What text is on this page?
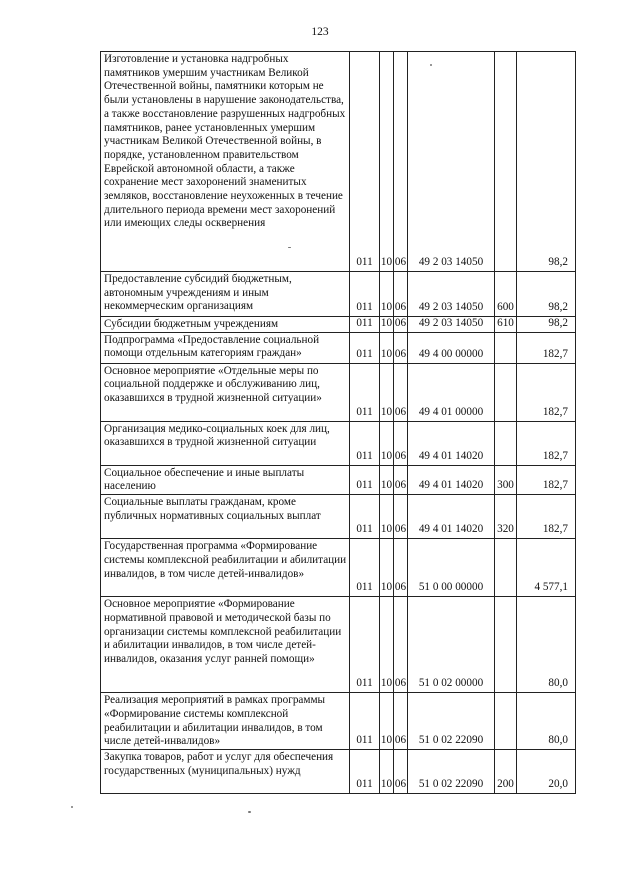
123
Изготовление и установка надгробных памятников умершим участникам Великой Отечественной войны, памятники которым не были установлены в нарушение законодательства, а также восстановление разрушенных надгробных памятников, ранее установленных умершим участникам Великой Отечественной войны, в порядке, установленном правительством Еврейской автономной области, а также сохранение мест захоронений знаменитых земляков, восстановление неухоженных в течение длительного периода времени мест захоронений или имеющих следы осквернения	011	10	06	49 2 03 14050		98,2

Предоставление субсидий бюджетным, автономным учреждениям и иным некоммерческим организациям	011	10	06	49 2 03 14050	600	98,2

Субсидии бюджетным учреждениям	011	10	06	49 2 03 14050	610	98,2

Подпрограмма «Предоставление социальной помощи отдельным категориям граждан»	011	10	06	49 4 00 00000		182,7

Основное мероприятие «Отдельные меры по социальной поддержке и обслуживанию лиц, оказавшихся в трудной жизненной ситуации»	011	10	06	49 4 01 00000		182,7

Организация медико-социальных коек для лиц, оказавшихся в трудной жизненной ситуации	011	10	06	49 4 01 14020		182,7

Социальное обеспечение и иные выплаты населению	011	10	06	49 4 01 14020	300	182,7

Социальные выплаты гражданам, кроме публичных нормативных социальных выплат	011	10	06	49 4 01 14020	320	182,7

Государственная программа «Формирование системы комплексной реабилитации и абилитации инвалидов, в том числе детей-инвалидов»	011	10	06	51 0 00 00000		4 577,1

Основное мероприятие «Формирование нормативной правовой и методической базы по организации системы комплексной реабилитации и абилитации инвалидов, в том числе детей-инвалидов, оказания услуг ранней помощи»	011	10	06	51 0 02 00000		80,0

Реализация мероприятий в рамках программы «Формирование системы комплексной реабилитации и абилитации инвалидов, в том числе детей-инвалидов»	011	10	06	51 0 02 22090		80,0

Закупка товаров, работ и услуг для обеспечения государственных (муниципальных) нужд	011	10	06	51 0 02 22090	200	20,0
